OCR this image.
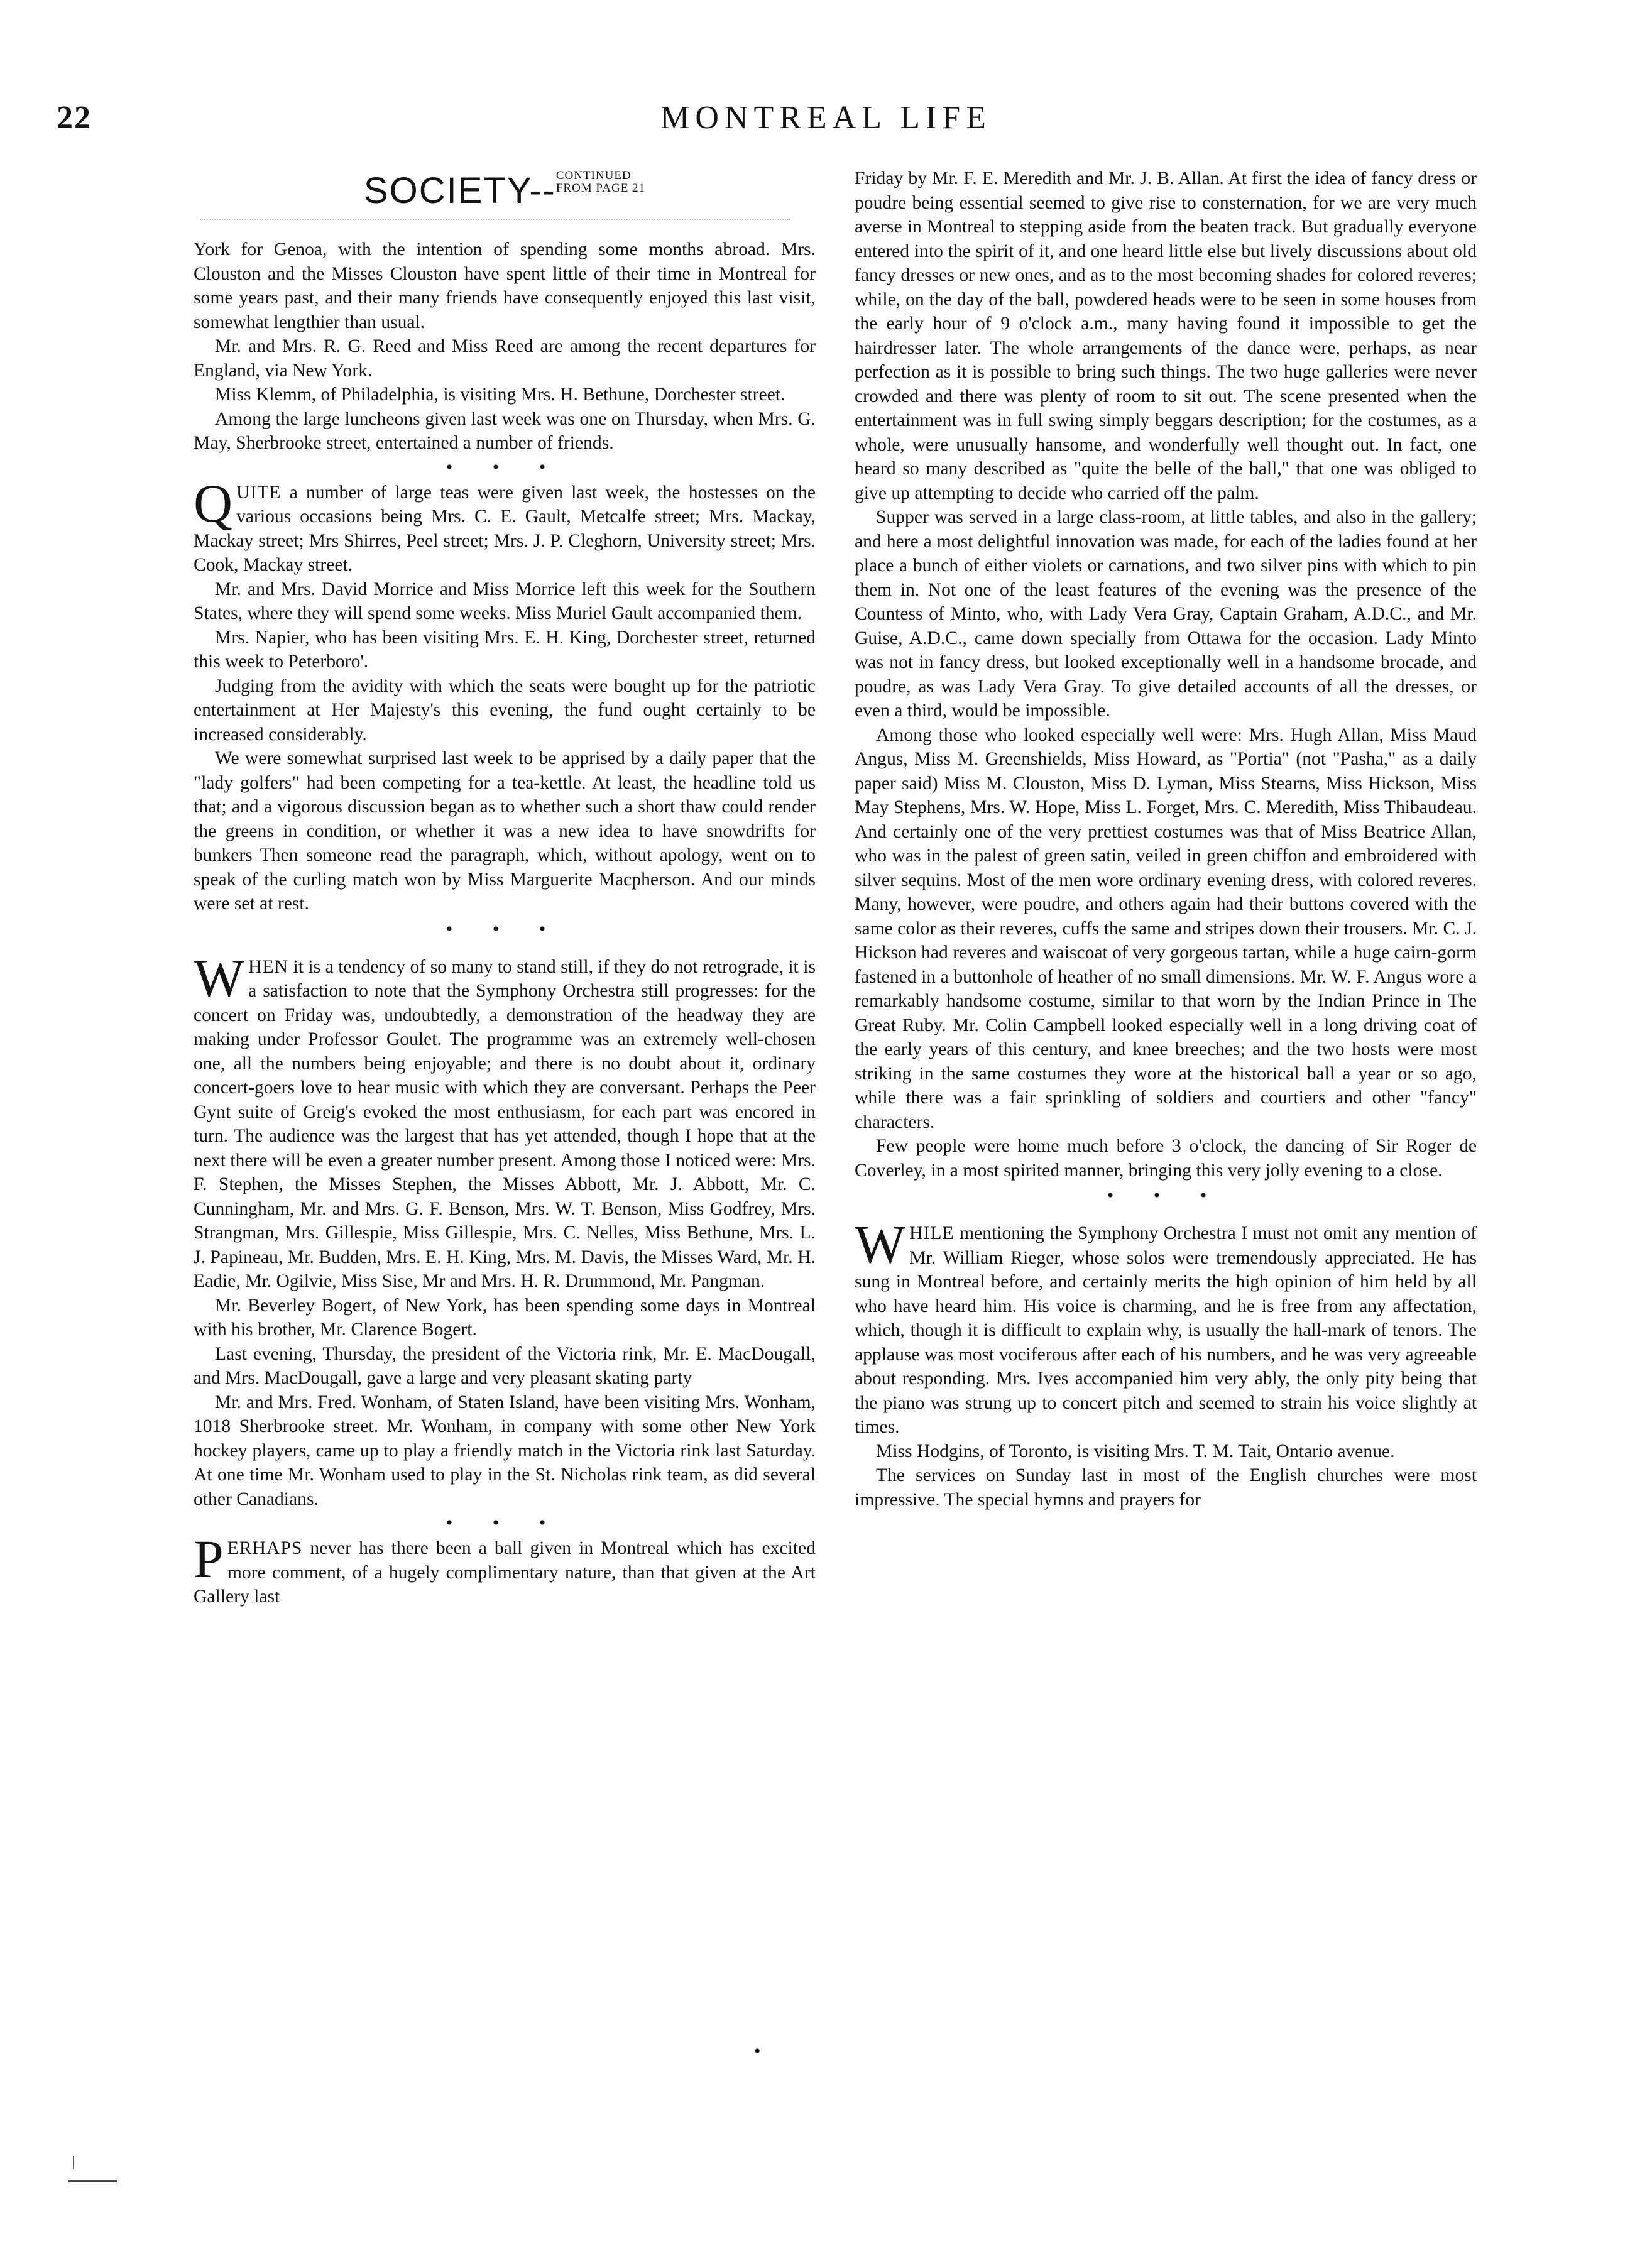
22	MONTREAL LIFE
SOCIETY--CONTINUED
FROM PAGE 21

York for Genoa, with the intention of spending some months abroad. Mrs. Clouston and the Misses Clouston have spent little of their time in Montreal for some years past, and their many friends have consequently enjoyed this last visit, somewhat lengthier than usual.

Mr. and Mrs. R. G. Reed and Miss Reed are among the recent departures for England, via New York.

Miss Klemm, of Philadelphia, is visiting Mrs. H. Bethune, Dorchester street.

Among the large luncheons given last week was one on Thursday, when Mrs. G. May, Sherbrooke street, entertained a number of friends.

• • •

QUITE a number of large teas were given last week, the hostesses on the various occasions being Mrs. C. E. Gault, Metcalfe street; Mrs. Mackay, Mackay street; Mrs Shirres, Peel street; Mrs. J. P. Cleghorn, University street; Mrs. Cook, Mackay street.

Mr. and Mrs. David Morrice and Miss Morrice left this week for the Southern States, where they will spend some weeks. Miss Muriel Gault accompanied them.

Mrs. Napier, who has been visiting Mrs. E. H. King, Dorchester street, returned this week to Peterboro'.

Judging from the avidity with which the seats were bought up for the patriotic entertainment at Her Majesty's this evening, the fund ought certainly to be increased considerably.

We were somewhat surprised last week to be apprised by a daily paper that the "lady golfers" had been competing for a tea-kettle. At least, the headline told us that; and a vigorous discussion began as to whether such a short thaw could render the greens in condition, or whether it was a new idea to have snowdrifts for bunkers Then someone read the paragraph, which, without apology, went on to speak of the curling match won by Miss Marguerite Macpherson. And our minds were set at rest.

• • •

WHEN it is a tendency of so many to stand still, if they do not retrograde, it is a satisfaction to note that the Symphony Orchestra still progresses: for the concert on Friday was, undoubtedly, a demonstration of the headway they are making under Professor Goulet. The programme was an extremely well-chosen one, all the numbers being enjoyable; and there is no doubt about it, ordinary concert-goers love to hear music with which they are conversant. Perhaps the Peer Gynt suite of Greig's evoked the most enthusiasm, for each part was encored in turn. The audience was the largest that has yet attended, though I hope that at the next there will be even a greater number present. Among those I noticed were: Mrs. F. Stephen, the Misses Stephen, the Misses Abbott, Mr. J. Abbott, Mr. C. Cunningham, Mr. and Mrs. G. F. Benson, Mrs. W. T. Benson, Miss Godfrey, Mrs. Strangman, Mrs. Gillespie, Miss Gillespie, Mrs. C. Nelles, Miss Bethune, Mrs. L. J. Papineau, Mr. Budden, Mrs. E. H. King, Mrs. M. Davis, the Misses Ward, Mr. H. Eadie, Mr. Ogilvie, Miss Sise, Mr and Mrs. H. R. Drummond, Mr. Pangman.

Mr. Beverley Bogert, of New York, has been spending some days in Montreal with his brother, Mr. Clarence Bogert.

Last evening, Thursday, the president of the Victoria rink, Mr. E. MacDougall, and Mrs. MacDougall, gave a large and very pleasant skating party

Mr. and Mrs. Fred. Wonham, of Staten Island, have been visiting Mrs. Wonham, 1018 Sherbrooke street. Mr. Wonham, in company with some other New York hockey players, came up to play a friendly match in the Victoria rink last Saturday. At one time Mr. Wonham used to play in the St. Nicholas rink team, as did several other Canadians.

• • •

PERHAPS never has there been a ball given in Montreal which has excited more comment, of a hugely complimentary nature, than that given at the Art Gallery last

Friday by Mr. F. E. Meredith and Mr. J. B. Allan. At first the idea of fancy dress or poudre being essential seemed to give rise to consternation, for we are very much averse in Montreal to stepping aside from the beaten track. But gradually everyone entered into the spirit of it, and one heard little else but lively discussions about old fancy dresses or new ones, and as to the most becoming shades for colored reveres; while, on the day of the ball, powdered heads were to be seen in some houses from the early hour of 9 o'clock a.m., many having found it impossible to get the hairdresser later. The whole arrangements of the dance were, perhaps, as near perfection as it is possible to bring such things. The two huge galleries were never crowded and there was plenty of room to sit out. The scene presented when the entertainment was in full swing simply beggars description; for the costumes, as a whole, were unusually hansome, and wonderfully well thought out. In fact, one heard so many described as "quite the belle of the ball," that one was obliged to give up attempting to decide who carried off the palm.

Supper was served in a large class-room, at little tables, and also in the gallery; and here a most delightful innovation was made, for each of the ladies found at her place a bunch of either violets or carnations, and two silver pins with which to pin them in. Not one of the least features of the evening was the presence of the Countess of Minto, who, with Lady Vera Gray, Captain Graham, A.D.C., and Mr. Guise, A.D.C., came down specially from Ottawa for the occasion. Lady Minto was not in fancy dress, but looked exceptionally well in a handsome brocade, and poudre, as was Lady Vera Gray. To give detailed accounts of all the dresses, or even a third, would be impossible.

Among those who looked especially well were: Mrs. Hugh Allan, Miss Maud Angus, Miss M. Greenshields, Miss Howard, as "Portia" (not "Pasha," as a daily paper said) Miss M. Clouston, Miss D. Lyman, Miss Stearns, Miss Hickson, Miss May Stephens, Mrs. W. Hope, Miss L. Forget, Mrs. C. Meredith, Miss Thibaudeau. And certainly one of the very prettiest costumes was that of Miss Beatrice Allan, who was in the palest of green satin, veiled in green chiffon and embroidered with silver sequins. Most of the men wore ordinary evening dress, with colored reveres. Many, however, were poudre, and others again had their buttons covered with the same color as their reveres, cuffs the same and stripes down their trousers. Mr. C. J. Hickson had reveres and waiscoat of very gorgeous tartan, while a huge cairn-gorm fastened in a buttonhole of heather of no small dimensions. Mr. W. F. Angus wore a remarkably handsome costume, similar to that worn by the Indian Prince in The Great Ruby. Mr. Colin Campbell looked especially well in a long driving coat of the early years of this century, and knee breeches; and the two hosts were most striking in the same costumes they wore at the historical ball a year or so ago, while there was a fair sprinkling of soldiers and courtiers and other "fancy" characters.

Few people were home much before 3 o'clock, the dancing of Sir Roger de Coverley, in a most spirited manner, bringing this very jolly evening to a close.

• • •

WHILE mentioning the Symphony Orchestra I must not omit any mention of Mr. William Rieger, whose solos were tremendously appreciated. He has sung in Montreal before, and certainly merits the high opinion of him held by all who have heard him. His voice is charming, and he is free from any affectation, which, though it is difficult to explain why, is usually the hall-mark of tenors. The applause was most vociferous after each of his numbers, and he was very agreeable about responding. Mrs. Ives accompanied him very ably, the only pity being that the piano was strung up to concert pitch and seemed to strain his voice slightly at times.

Miss Hodgins, of Toronto, is visiting Mrs. T. M. Tait, Ontario avenue.

The services on Sunday last in most of the English churches were most impressive. The special hymns and prayers for

•
